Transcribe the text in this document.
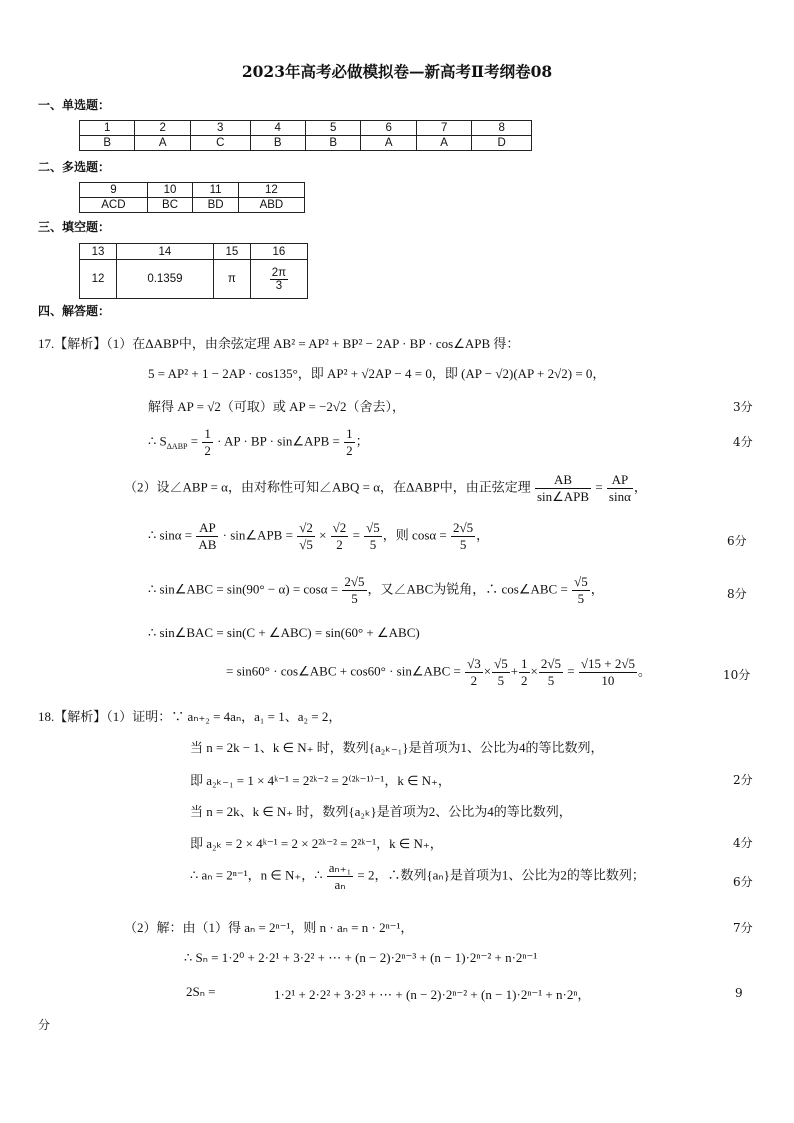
2023年高考必做模拟卷—新高考Ⅱ考纲卷08
一、单选题：
1	2	3	4	5	6	7	8
B	A	C	B	B	A	A	D
二、多选题：
9	10	11	12
ACD	BC	BD	ABD
三、填空题：
13	14	15	16
12	0.1359	π	$\frac{2\pi}{3}$
四、解答题：
17.【解析】（1）在ΔABP中，由余弦定理 AB² = AP² + BP² − 2AP · BP · cos∠APB 得：
5 = AP² + 1 − 2AP · cos135°，即 AP² + √2AP − 4 = 0，即 (AP − √2)(AP + 2√2) = 0，
解得 AP = √2（可取）或 AP = −2√2（舍去），	3分
∴ $S_{\Delta ABP} = \frac{1}{2}$ · AP · BP · sin∠APB = $\frac{1}{2}$ ；	4分
（2）设∠ABP = α，由对称性可知∠ABQ = α，在ΔABP中，由正弦定理 $\frac{AB}{\text{sin∠APB}} = \frac{AP}{\sin\alpha}$ ，
∴ $\sin\alpha = \frac{AP}{AB}$ · sin∠APB = $\frac{√2}{√5} \times \frac{√2}{2} = \frac{√5}{5}$ ，则 $\cos\alpha = \frac{2√5}{5}$ ，	6分
∴ sin∠ABC = $\sin(90^\circ - \alpha) = \cos\alpha = \frac{2√5}{5}$ ，又∠ABC为锐角，∴ cos∠ABC = $\frac{√5}{5}$ ，	8分
∴ sin∠BAC = sin(C + ∠ABC) = sin(60° + ∠ABC)
= sin60° · cos∠ABC + cos60° · sin∠ABC = $\frac{√3}{2} \times \frac{√5}{5} + \frac{1}{2} \times \frac{2√5}{5} = \frac{√15 + 2√5}{10}$ 。	10分
18.【解析】（1）证明：∵ aₙ₊₂ = 4aₙ，a₁ = 1、a₂ = 2，
当 n = 2k − 1、k ∈ N₊ 时，数列{a₂ₖ₋₁}是首项为1、公比为4的等比数列，
即 a₂ₖ₋₁ = 1 × 4ᵏ⁻¹ = 2²ᵏ⁻² = 2⁽²ᵏ⁻¹⁾⁻¹，k ∈ N₊，	2分
当 n = 2k、k ∈ N₊ 时，数列{a₂ₖ}是首项为2、公比为4的等比数列，
即 a₂ₖ = 2 × 4ᵏ⁻¹ = 2 × 2²ᵏ⁻² = 2²ᵏ⁻¹，k ∈ N₊，	4分
∴ aₙ = 2ⁿ⁻¹，n ∈ N₊，∴ $\frac{\text{aₙ₊₁}}{\text{aₙ}} = 2$，∴数列{aₙ}是首项为1、公比为2的等比数列；	6分
（2）解：由（1）得 aₙ = 2ⁿ⁻¹，则 n · aₙ = n · 2ⁿ⁻¹，	7分
∴ Sₙ = 1·2⁰ + 2·2¹ + 3·2² + ⋯ + (n − 2)·2ⁿ⁻³ + (n − 1)·2ⁿ⁻² + n·2ⁿ⁻¹
2Sₙ =	1·2¹ + 2·2² + 3·2³ + ⋯ + (n − 2)·2ⁿ⁻² + (n − 1)·2ⁿ⁻¹ + n·2ⁿ，	9
分
